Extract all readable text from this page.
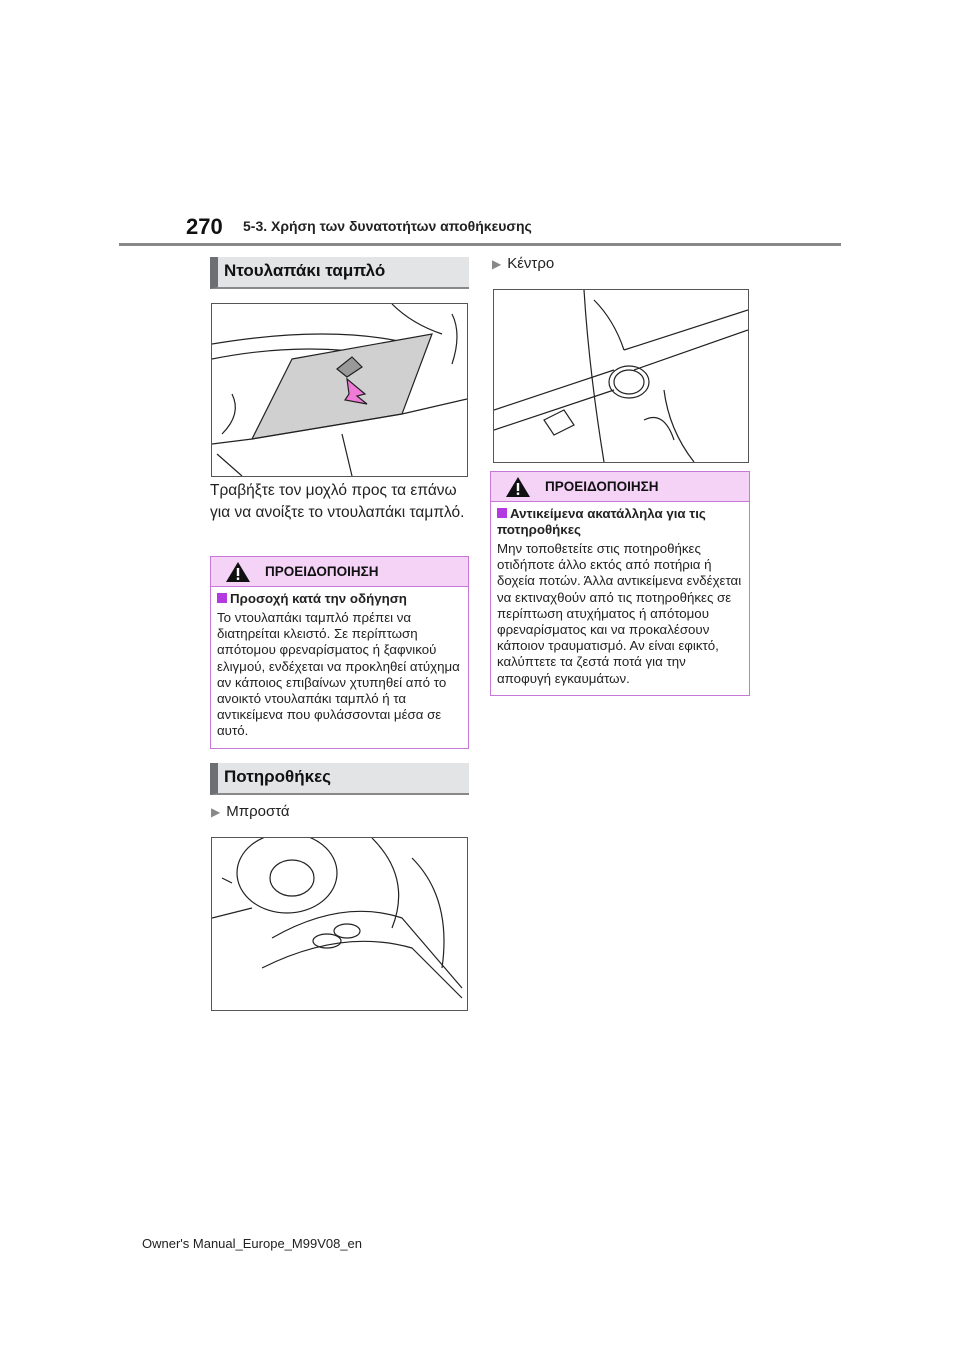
270 5-3. Χρήση των δυνατοτήτων αποθήκευσης
Ντουλαπάκι ταμπλό
Τραβήξτε τον μοχλό προς τα επάνω για να ανοίξτε το ντουλαπάκι ταμπλό.
ΠΡΟΕΙΔΟΠΟΙΗΣΗ
Προσοχή κατά την οδήγηση
Το ντουλαπάκι ταμπλό πρέπει να διατηρείται κλειστό. Σε περίπτωση απότομου φρεναρίσματος ή ξαφνικού ελιγμού, ενδέχεται να προκληθεί ατύχημα αν κάποιος επιβαίνων χτυπηθεί από το ανοικτό ντουλαπάκι ταμπλό ή τα αντικείμενα που φυλάσσονται μέσα σε αυτό.
Ποτηροθήκες
▶ Μπροστά
▶ Κέντρο
ΠΡΟΕΙΔΟΠΟΙΗΣΗ
Αντικείμενα ακατάλληλα για τις ποτηροθήκες
Μην τοποθετείτε στις ποτηροθήκες οτιδήποτε άλλο εκτός από ποτήρια ή δοχεία ποτών. Άλλα αντικείμενα ενδέχεται να εκτιναχθούν από τις ποτηροθήκες σε περίπτωση ατυχήματος ή απότομου φρεναρίσματος και να προκαλέσουν κάποιον τραυματισμό. Αν είναι εφικτό, καλύπτετε τα ζεστά ποτά για την αποφυγή εγκαυμάτων.
Owner's Manual_Europe_M99V08_en
